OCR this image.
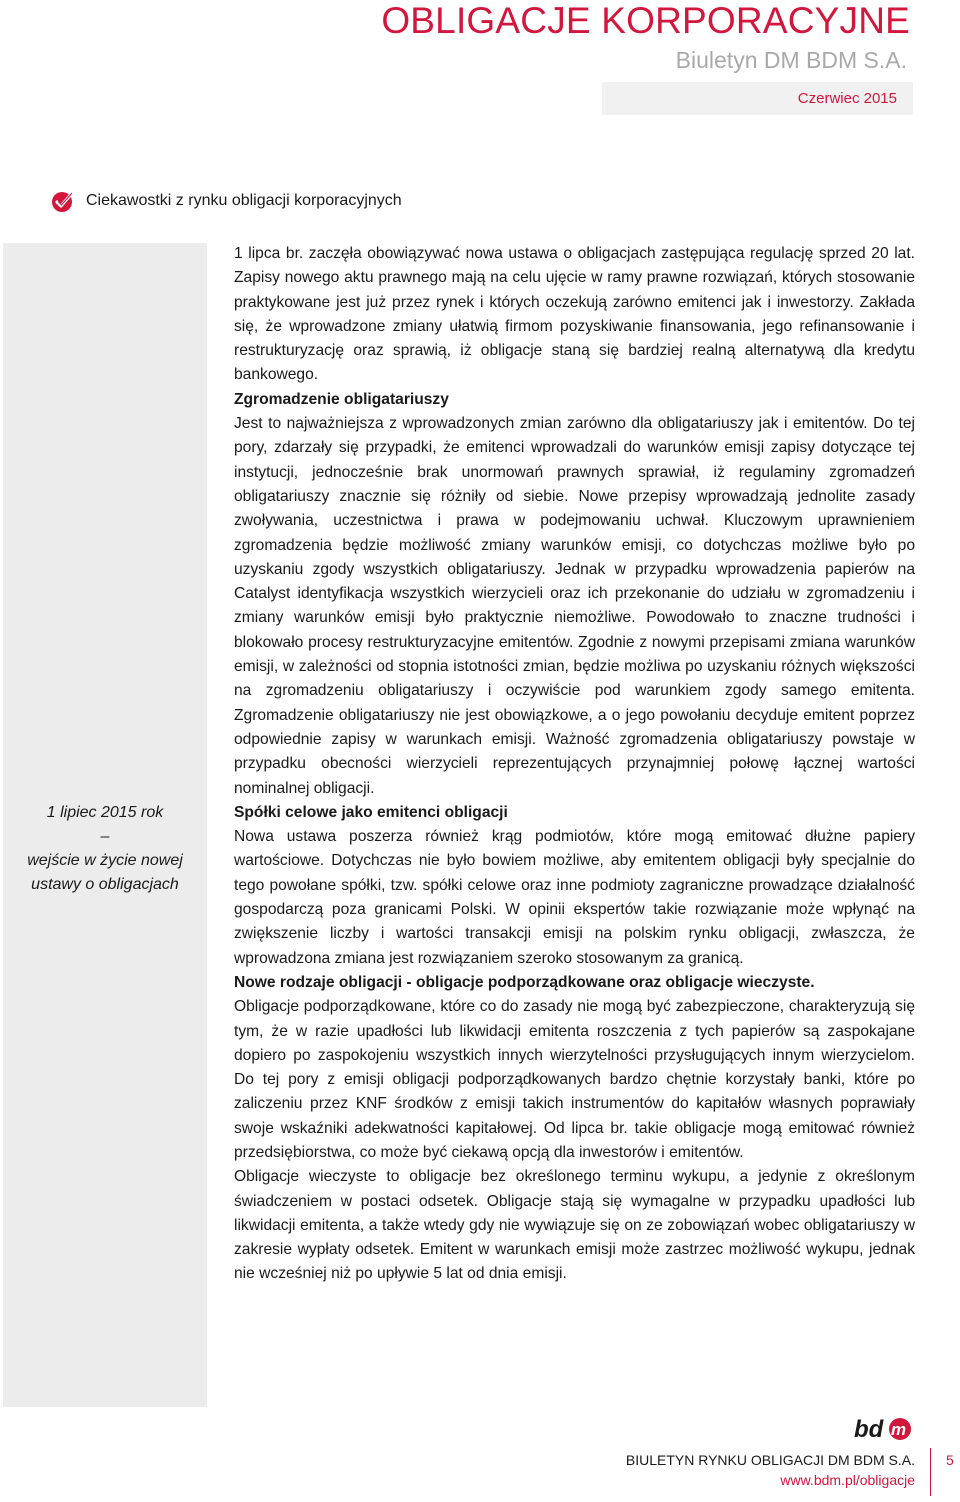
OBLIGACJE KORPORACYJNE
Biuletyn DM BDM S.A.
Czerwiec 2015
Ciekawostki z rynku obligacji korporacyjnych
1 lipiec 2015 rok
–
wejście w życie nowej ustawy o obligacjach

1 lipca br. zaczęła obowiązywać nowa ustawa o obligacjach zastępująca regulację sprzed 20 lat. Zapisy nowego aktu prawnego mają na celu ujęcie w ramy prawne rozwiązań, których stosowanie praktykowane jest już przez rynek i których oczekują zarówno emitenci jak i inwestorzy. Zakłada się, że wprowadzone zmiany ułatwią firmom pozyskiwanie finansowania, jego refinansowanie i restrukturyzację oraz sprawią, iż obligacje staną się bardziej realną alternatywą dla kredytu bankowego.

Zgromadzenie obligatariuszy

Jest to najważniejsza z wprowadzonych zmian zarówno dla obligatariuszy jak i emitentów. Do tej pory, zdarzały się przypadki, że emitenci wprowadzali do warunków emisji zapisy dotyczące tej instytucji, jednocześnie brak unormowań prawnych sprawiał, iż regulaminy zgromadzeń obligatariuszy znacznie się różniły od siebie. Nowe przepisy wprowadzają jednolite zasady zwoływania, uczestnictwa i prawa w podejmowaniu uchwał. Kluczowym uprawnieniem zgromadzenia będzie możliwość zmiany warunków emisji, co dotychczas możliwe było po uzyskaniu zgody wszystkich obligatariuszy. Jednak w przypadku wprowadzenia papierów na Catalyst identyfikacja wszystkich wierzycieli oraz ich przekonanie do udziału w zgromadzeniu i zmiany warunków emisji było praktycznie niemożliwe. Powodowało to znaczne trudności i blokowało procesy restrukturyzacyjne emitentów. Zgodnie z nowymi przepisami zmiana warunków emisji, w zależności od stopnia istotności zmian, będzie możliwa po uzyskaniu różnych większości na zgromadzeniu obligatariuszy i oczywiście pod warunkiem zgody samego emitenta. Zgromadzenie obligatariuszy nie jest obowiązkowe, a o jego powołaniu decyduje emitent poprzez odpowiednie zapisy w warunkach emisji. Ważność zgromadzenia obligatariuszy powstaje w przypadku obecności wierzycieli reprezentujących przynajmniej połowę łącznej wartości nominalnej obligacji.

Spółki celowe jako emitenci obligacji

Nowa ustawa poszerza również krąg podmiotów, które mogą emitować dłużne papiery wartościowe. Dotychczas nie było bowiem możliwe, aby emitentem obligacji były specjalnie do tego powołane spółki, tzw. spółki celowe oraz inne podmioty zagraniczne prowadzące działalność gospodarczą poza granicami Polski. W opinii ekspertów takie rozwiązanie może wpłynąć na zwiększenie liczby i wartości transakcji emisji na polskim rynku obligacji, zwłaszcza, że wprowadzona zmiana jest rozwiązaniem szeroko stosowanym za granicą.

Nowe rodzaje obligacji - obligacje podporządkowane oraz obligacje wieczyste.

Obligacje podporządkowane, które co do zasady nie mogą być zabezpieczone, charakteryzują się tym, że w razie upadłości lub likwidacji emitenta roszczenia z tych papierów są zaspokajane dopiero po zaspokojeniu wszystkich innych wierzytelności przysługujących innym wierzycielom. Do tej pory z emisji obligacji podporządkowanych bardzo chętnie korzystały banki, które po zaliczeniu przez KNF środków z emisji takich instrumentów do kapitałów własnych poprawiały swoje wskaźniki adekwatności kapitałowej. Od lipca br. takie obligacje mogą emitować również przedsiębiorstwa, co może być ciekawą opcją dla inwestorów i emitentów.

Obligacje wieczyste to obligacje bez określonego terminu wykupu, a jedynie z określonym świadczeniem w postaci odsetek. Obligacje stają się wymagalne w przypadku upadłości lub likwidacji emitenta, a także wtedy gdy nie wywiązuje się on ze zobowiązań wobec obligatariuszy w zakresie wypłaty odsetek. Emitent w warunkach emisji może zastrzec możliwość wykupu, jednak nie wcześniej niż po upływie 5 lat od dnia emisji.

bd m
BIULETYN RYNKU OBLIGACJI DM BDM S.A.
www.bdm.pl/obligacje
5
